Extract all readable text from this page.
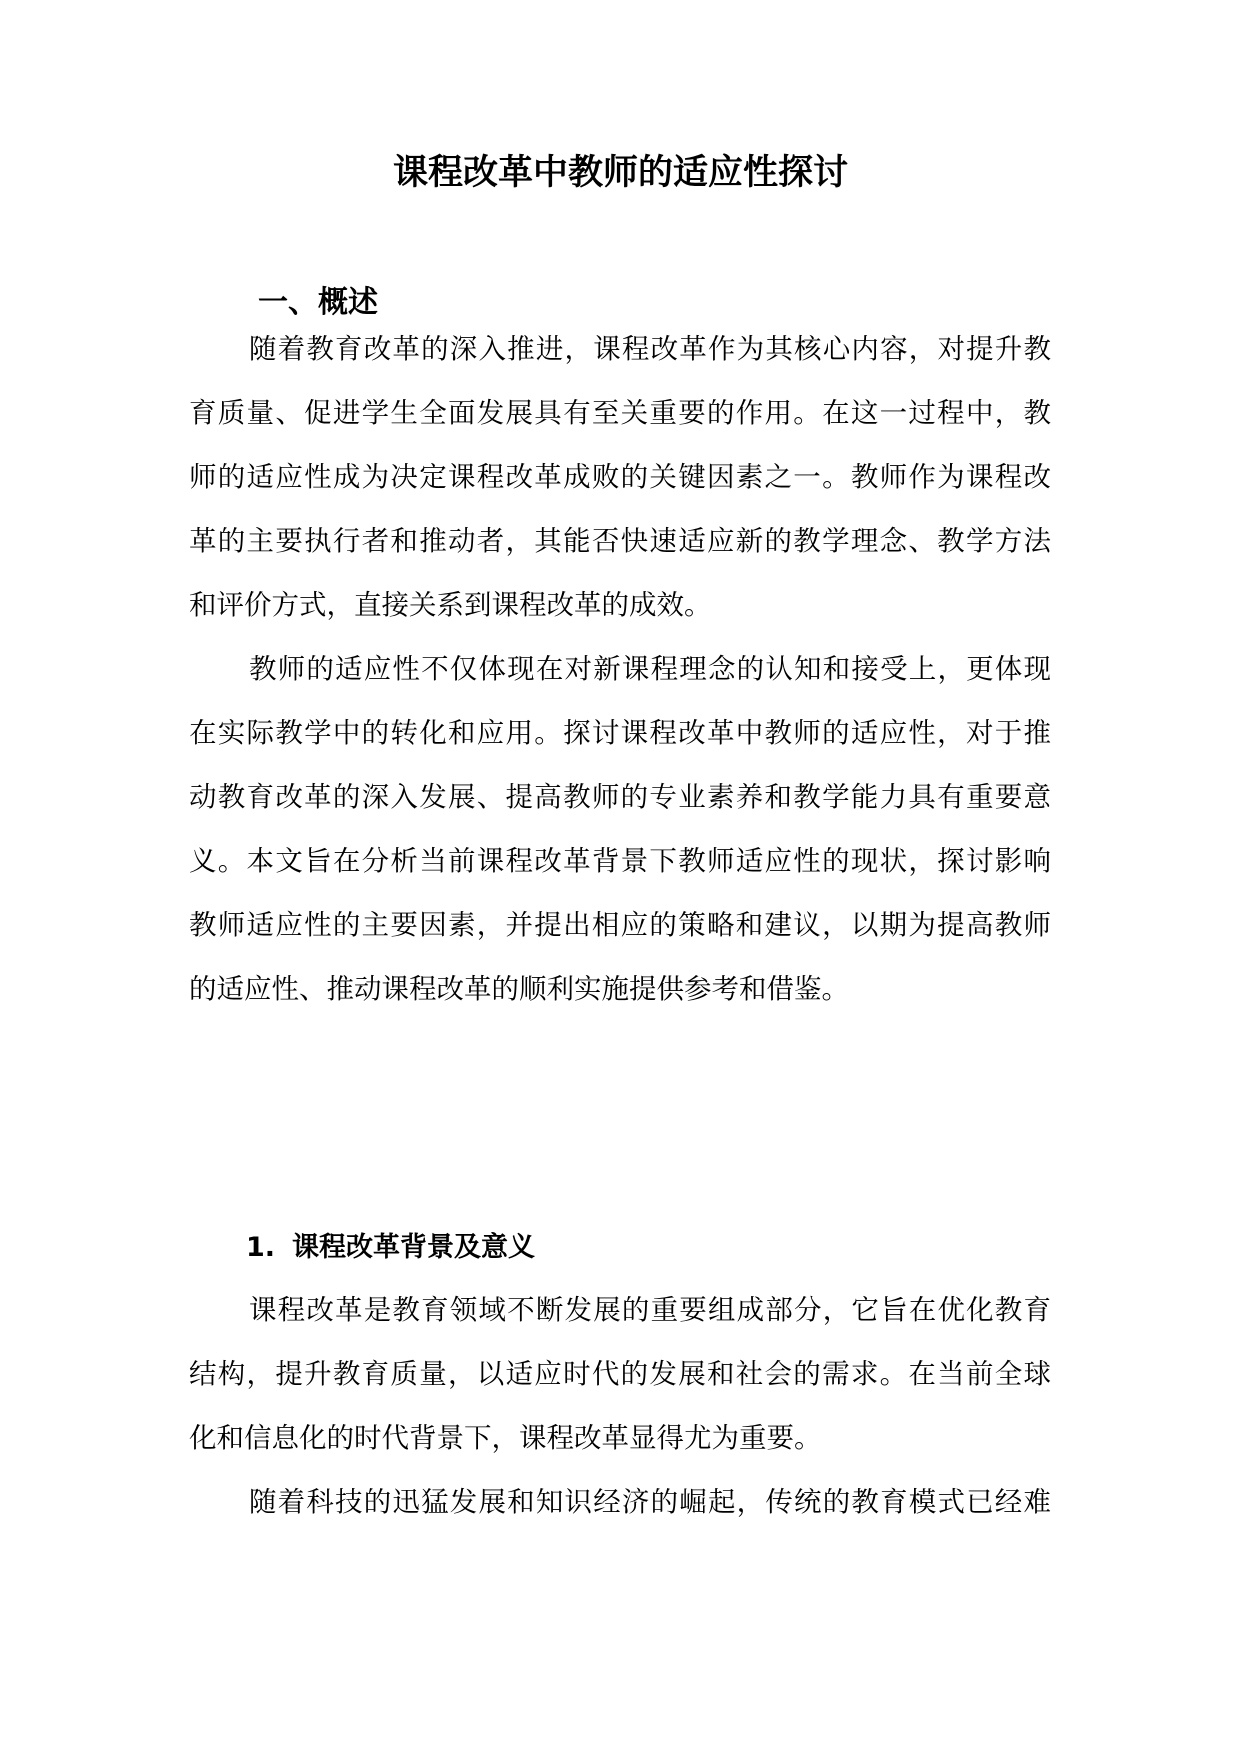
课程改革中教师的适应性探讨
一、概述
随着教育改革的深入推进，课程改革作为其核心内容，对提升教
育质量、促进学生全面发展具有至关重要的作用。在这一过程中，教
师的适应性成为决定课程改革成败的关键因素之一。教师作为课程改
革的主要执行者和推动者，其能否快速适应新的教学理念、教学方法
和评价方式，直接关系到课程改革的成效。
教师的适应性不仅体现在对新课程理念的认知和接受上，更体现
在实际教学中的转化和应用。探讨课程改革中教师的适应性，对于推
动教育改革的深入发展、提高教师的专业素养和教学能力具有重要意
义。本文旨在分析当前课程改革背景下教师适应性的现状，探讨影响
教师适应性的主要因素，并提出相应的策略和建议，以期为提高教师
的适应性、推动课程改革的顺利实施提供参考和借鉴。
1. 课程改革背景及意义
课程改革是教育领域不断发展的重要组成部分，它旨在优化教育
结构，提升教育质量，以适应时代的发展和社会的需求。在当前全球
化和信息化的时代背景下，课程改革显得尤为重要。
随着科技的迅猛发展和知识经济的崛起，传统的教育模式已经难
